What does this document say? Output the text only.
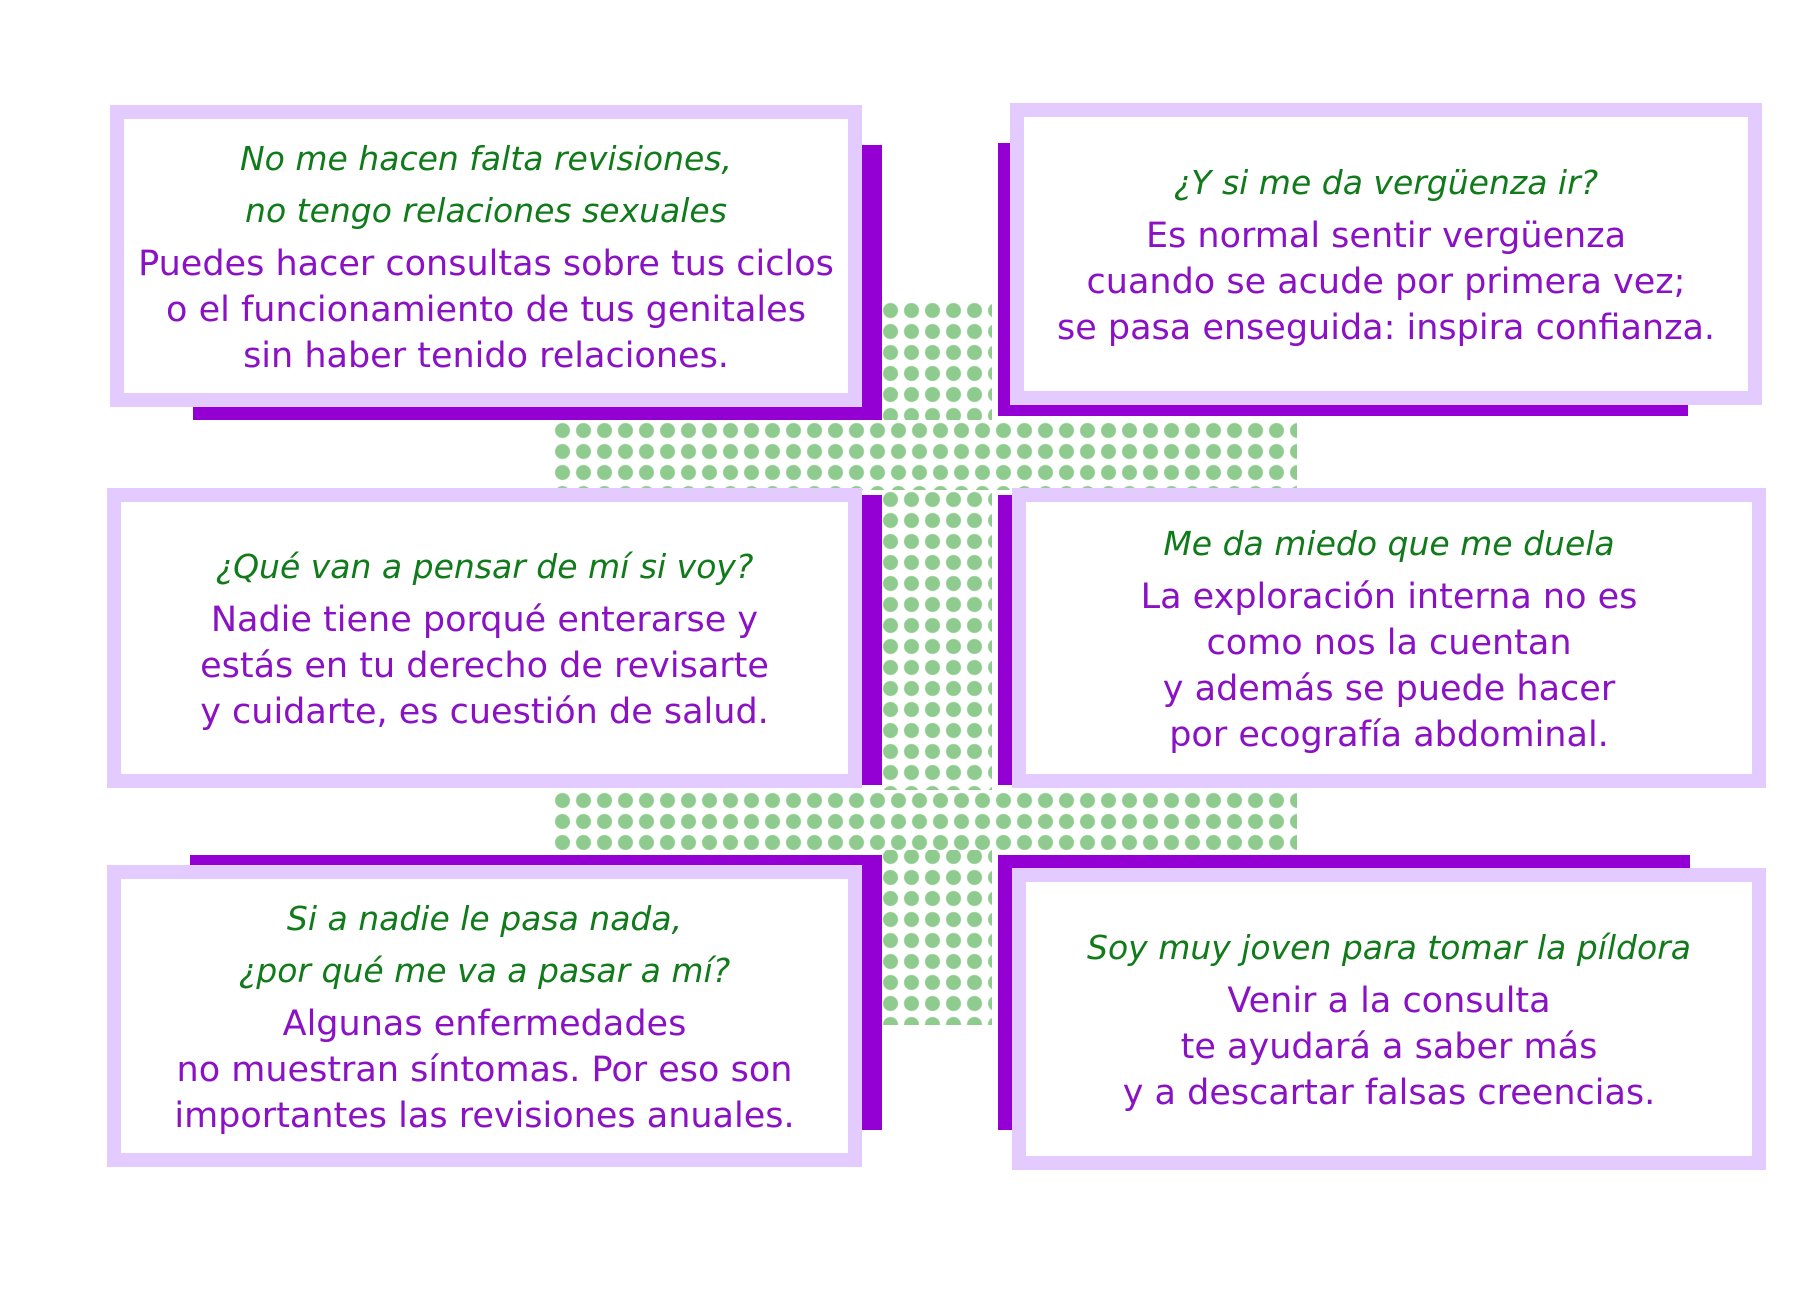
No me hacen falta revisiones,
no tengo relaciones sexuales
Puedes hacer consultas sobre tus ciclos
o el funcionamiento de tus genitales
sin haber tenido relaciones.
¿Y si me da vergüenza ir?
Es normal sentir vergüenza
cuando se acude por primera vez;
se pasa enseguida: inspira confianza.
¿Qué van a pensar de mí si voy?
Nadie tiene porqué enterarse y
estás en tu derecho de revisarte
y cuidarte, es cuestión de salud.
Me da miedo que me duela
La exploración interna no es
como nos la cuentan
y además se puede hacer
por ecografía abdominal.
Si a nadie le pasa nada,
¿por qué me va a pasar a mí?
Algunas enfermedades
no muestran síntomas. Por eso son
importantes las revisiones anuales.
Soy muy joven para tomar la píldora
Venir a la consulta
te ayudará a saber más
y a descartar falsas creencias.
